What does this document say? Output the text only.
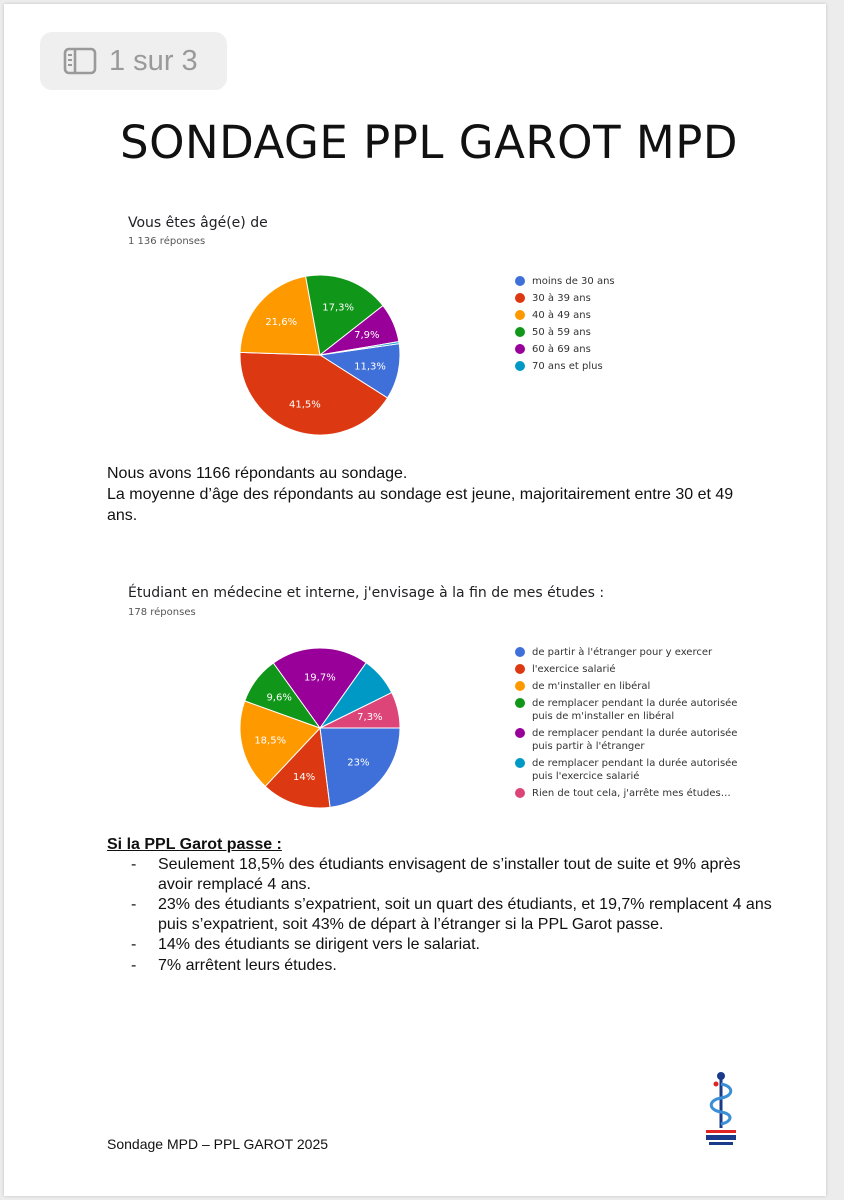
1 sur 3
SONDAGE PPL GAROT MPD
Vous êtes âgé(e) de
1 136 réponses
11,3%
41,5%
21,6%
17,3%
7,9%
moins de 30 ans
30 à 39 ans
40 à 49 ans
50 à 59 ans
60 à 69 ans
70 ans et plus

Nous avons 1166 répondants au sondage.

La moyenne d’âge des répondants au sondage est jeune, majoritairement entre 30 et 49 ans.

Étudiant en médecine et interne, j'envisage à la fin de mes études :
178 réponses
23%
14%
18,5%
9,6%
19,7%
7,3%
de partir à l'étranger pour y exercer
l'exercice salarié
de m'installer en libéral
de remplacer pendant la durée autorisée
puis de m'installer en libéral
de remplacer pendant la durée autorisée
puis partir à l'étranger
de remplacer pendant la durée autorisée
puis l'exercice salarié
Rien de tout cela, j'arrête mes études…
Si la PPL Garot passe :
- Seulement 18,5% des étudiants envisagent de s’installer tout de suite et 9% après avoir remplacé 4 ans.
- 23% des étudiants s’expatrient, soit un quart des étudiants, et 19,7% remplacent 4 ans puis s’expatrient, soit 43% de départ à l’étranger si la PPL Garot passe.
- 14% des étudiants se dirigent vers le salariat.
- 7% arrêtent leurs études.
Sondage MPD – PPL GAROT 2025
